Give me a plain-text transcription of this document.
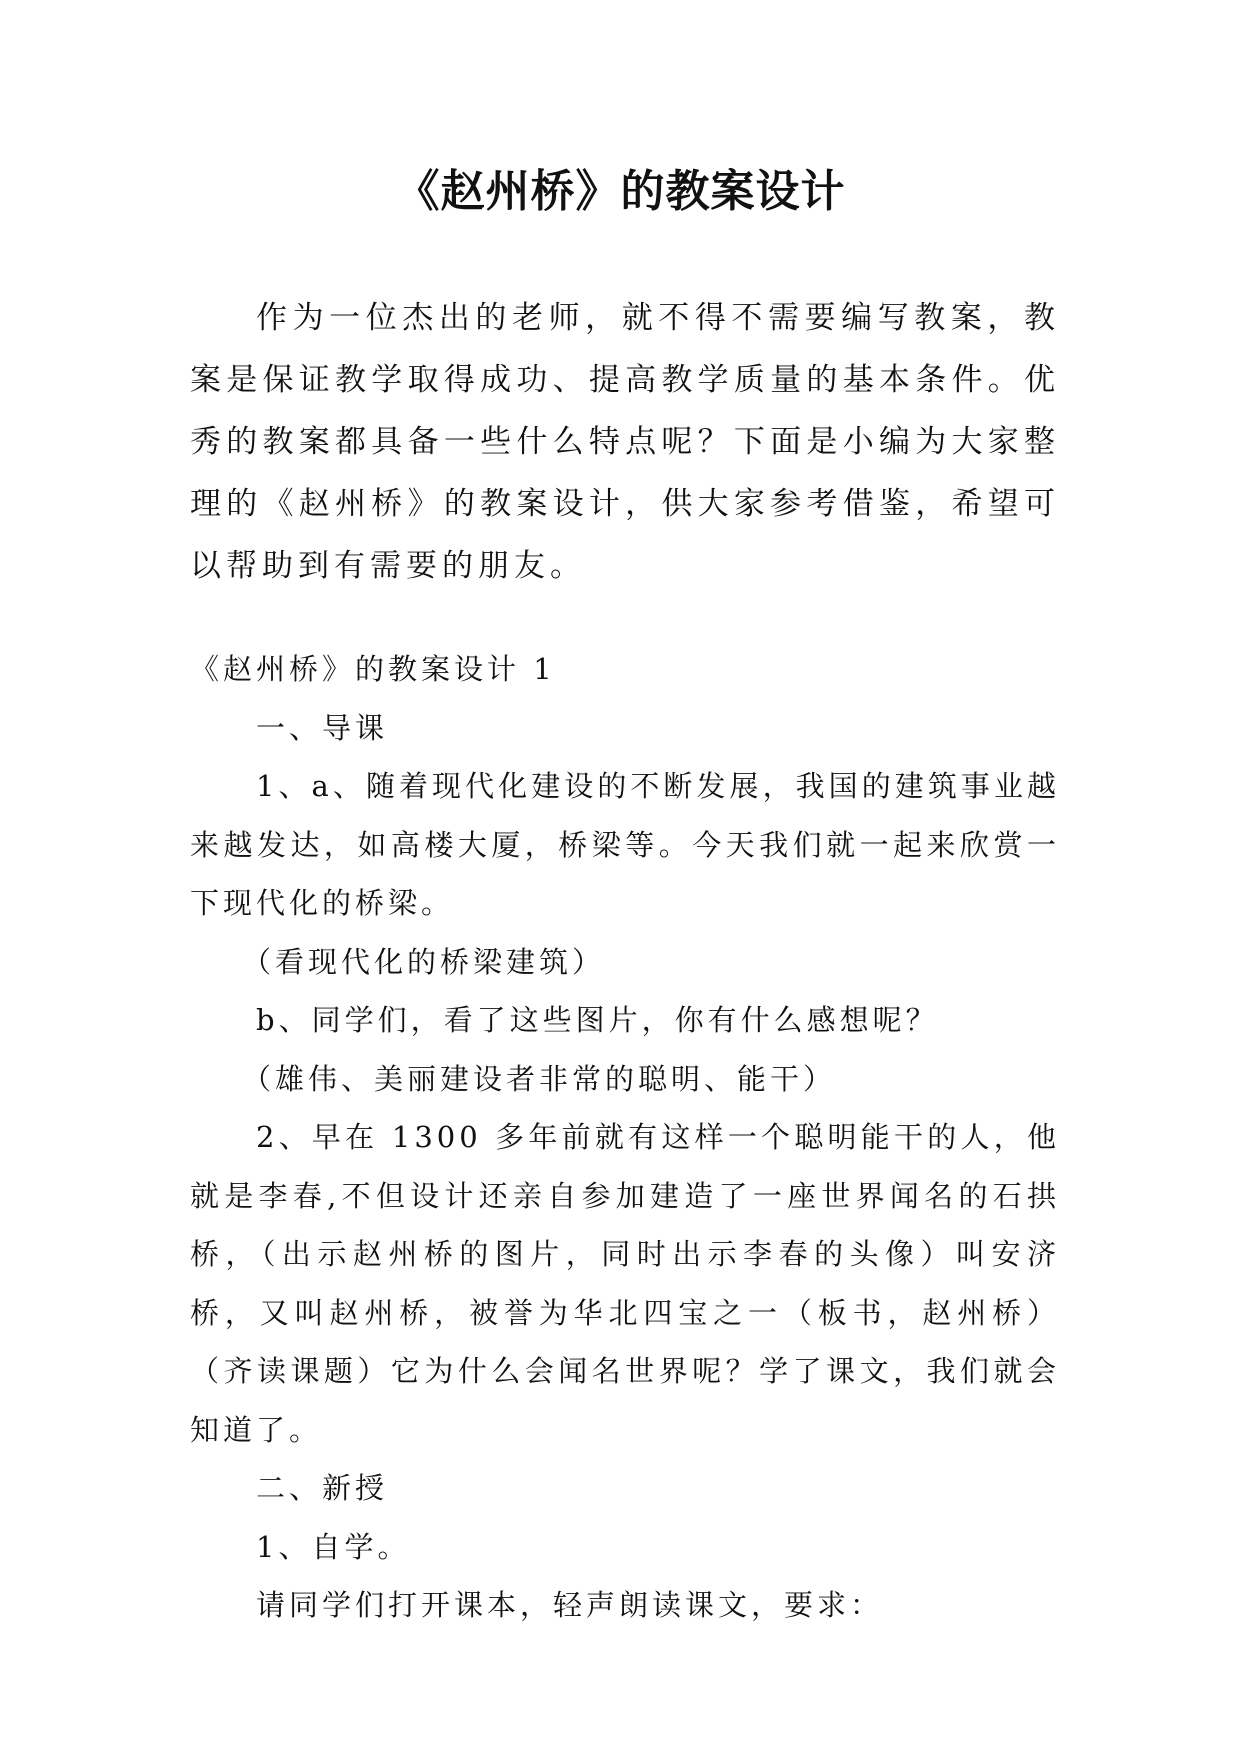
《赵州桥》的教案设计

作为一位杰出的老师，就不得不需要编写教案，教案是保证教学取得成功、提高教学质量的基本条件。优秀的教案都具备一些什么特点呢？下面是小编为大家整理的《赵州桥》的教案设计，供大家参考借鉴，希望可以帮助到有需要的朋友。

《赵州桥》的教案设计 1

一、导课

1、a、随着现代化建设的不断发展，我国的建筑事业越来越发达，如高楼大厦，桥梁等。今天我们就一起来欣赏一下现代化的桥梁。

（看现代化的桥梁建筑）

b、同学们，看了这些图片，你有什么感想呢？

（雄伟、美丽建设者非常的聪明、能干）

2、早在 1300 多年前就有这样一个聪明能干的人，他就是李春,不但设计还亲自参加建造了一座世界闻名的石拱桥，（出示赵州桥的图片，同时出示李春的头像）叫安济桥，又叫赵州桥，被誉为华北四宝之一（板书，赵州桥）（齐读课题）它为什么会闻名世界呢？学了课文，我们就会知道了。

二、新授

1、自学。

请同学们打开课本，轻声朗读课文，要求：
